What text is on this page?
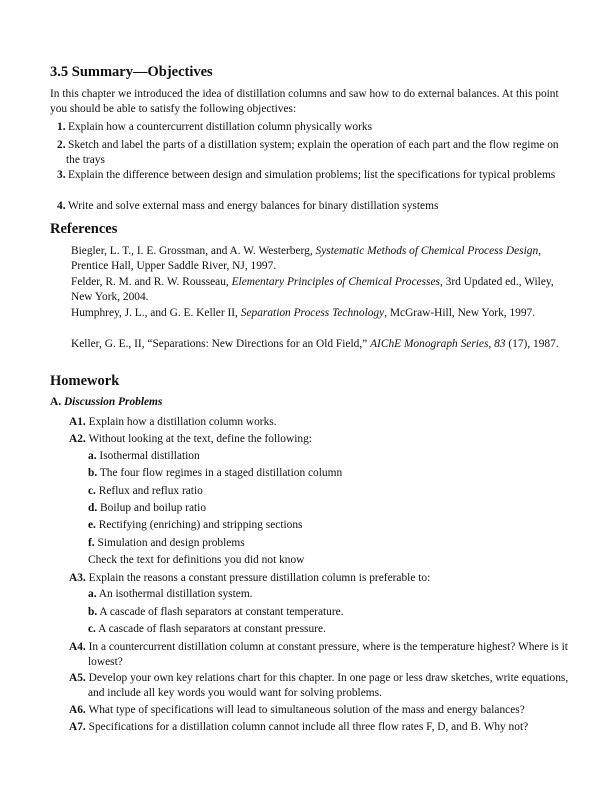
3.5 Summary—Objectives
In this chapter we introduced the idea of distillation columns and saw how to do external balances. At this point you should be able to satisfy the following objectives:
1. Explain how a countercurrent distillation column physically works
2. Sketch and label the parts of a distillation system; explain the operation of each part and the flow regime on the trays
3. Explain the difference between design and simulation problems; list the specifications for typical problems
4. Write and solve external mass and energy balances for binary distillation systems
References
Biegler, L. T., I. E. Grossman, and A. W. Westerberg, Systematic Methods of Chemical Process Design, Prentice Hall, Upper Saddle River, NJ, 1997.
Felder, R. M. and R. W. Rousseau, Elementary Principles of Chemical Processes, 3rd Updated ed., Wiley, New York, 2004.
Humphrey, J. L., and G. E. Keller II, Separation Process Technology, McGraw-Hill, New York, 1997.
Keller, G. E., II, “Separations: New Directions for an Old Field,” AIChE Monograph Series, 83 (17), 1987.
Homework
A. Discussion Problems
A1. Explain how a distillation column works.
A2. Without looking at the text, define the following:
a. Isothermal distillation
b. The four flow regimes in a staged distillation column
c. Reflux and reflux ratio
d. Boilup and boilup ratio
e. Rectifying (enriching) and stripping sections
f. Simulation and design problems
Check the text for definitions you did not know
A3. Explain the reasons a constant pressure distillation column is preferable to:
a. An isothermal distillation system.
b. A cascade of flash separators at constant temperature.
c. A cascade of flash separators at constant pressure.
A4. In a countercurrent distillation column at constant pressure, where is the temperature highest? Where is it lowest?
A5. Develop your own key relations chart for this chapter. In one page or less draw sketches, write equations, and include all key words you would want for solving problems.
A6. What type of specifications will lead to simultaneous solution of the mass and energy balances?
A7. Specifications for a distillation column cannot include all three flow rates F, D, and B. Why not?
